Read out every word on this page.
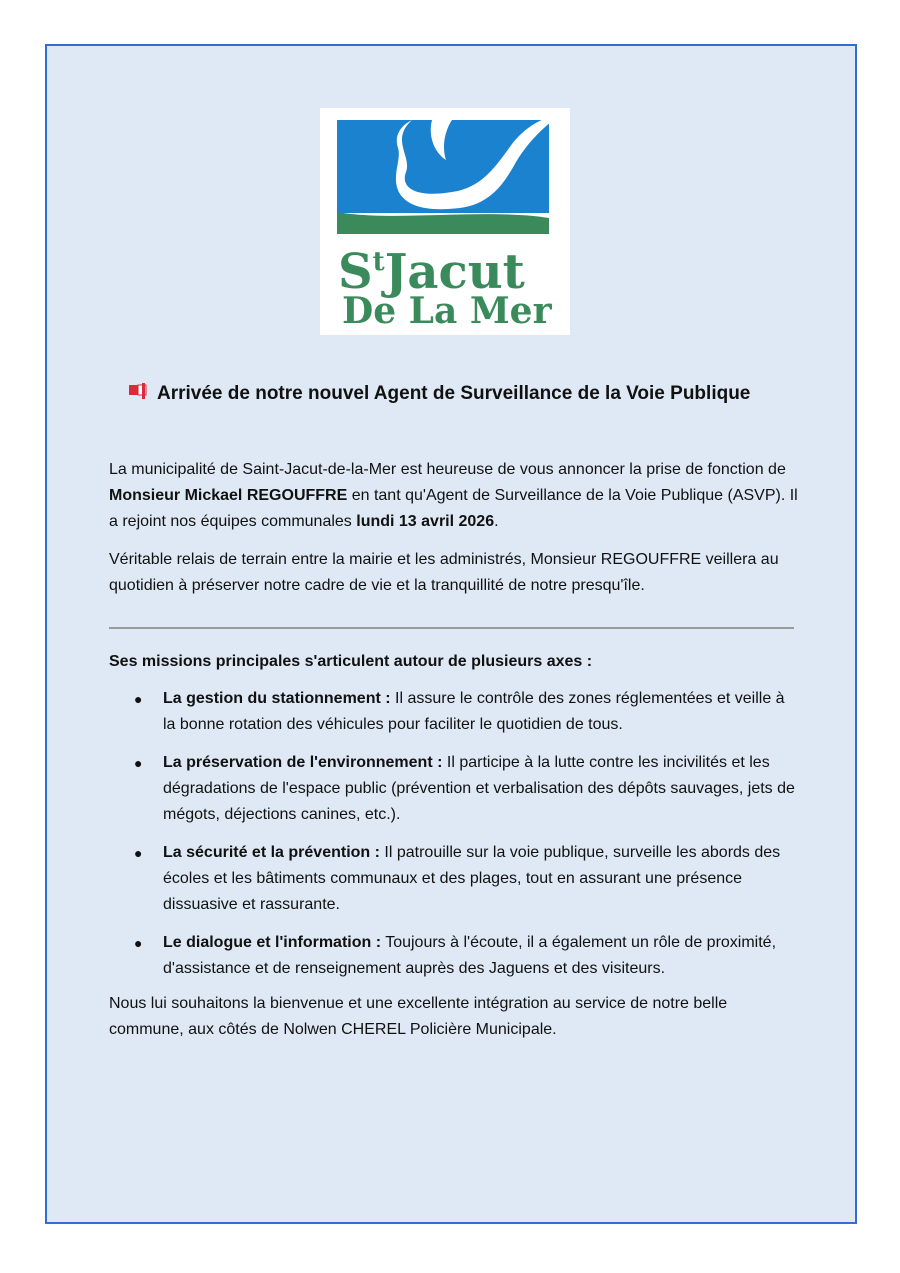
$S^tJacut$
De La Mer
Arrivée de notre nouvel Agent de Surveillance de la Voie Publique

La municipalité de Saint-Jacut-de-la-Mer est heureuse de vous annoncer la prise de fonction de Monsieur Mickael REGOUFFRE en tant qu'Agent de Surveillance de la Voie Publique (ASVP). Il a rejoint nos équipes communales lundi 13 avril 2026.

Véritable relais de terrain entre la mairie et les administrés, Monsieur REGOUFFRE veillera au quotidien à préserver notre cadre de vie et la tranquillité de notre presqu'île.

Ses missions principales s'articulent autour de plusieurs axes :

● La gestion du stationnement : Il assure le contrôle des zones réglementées et veille à la bonne rotation des véhicules pour faciliter le quotidien de tous.
● La préservation de l'environnement : Il participe à la lutte contre les incivilités et les dégradations de l'espace public (prévention et verbalisation des dépôts sauvages, jets de mégots, déjections canines, etc.).
● La sécurité et la prévention : Il patrouille sur la voie publique, surveille les abords des écoles et les bâtiments communaux et des plages, tout en assurant une présence dissuasive et rassurante.
● Le dialogue et l'information : Toujours à l'écoute, il a également un rôle de proximité, d'assistance et de renseignement auprès des Jaguens et des visiteurs.

Nous lui souhaitons la bienvenue et une excellente intégration au service de notre belle commune, aux côtés de Nolwen CHEREL Policière Municipale.
